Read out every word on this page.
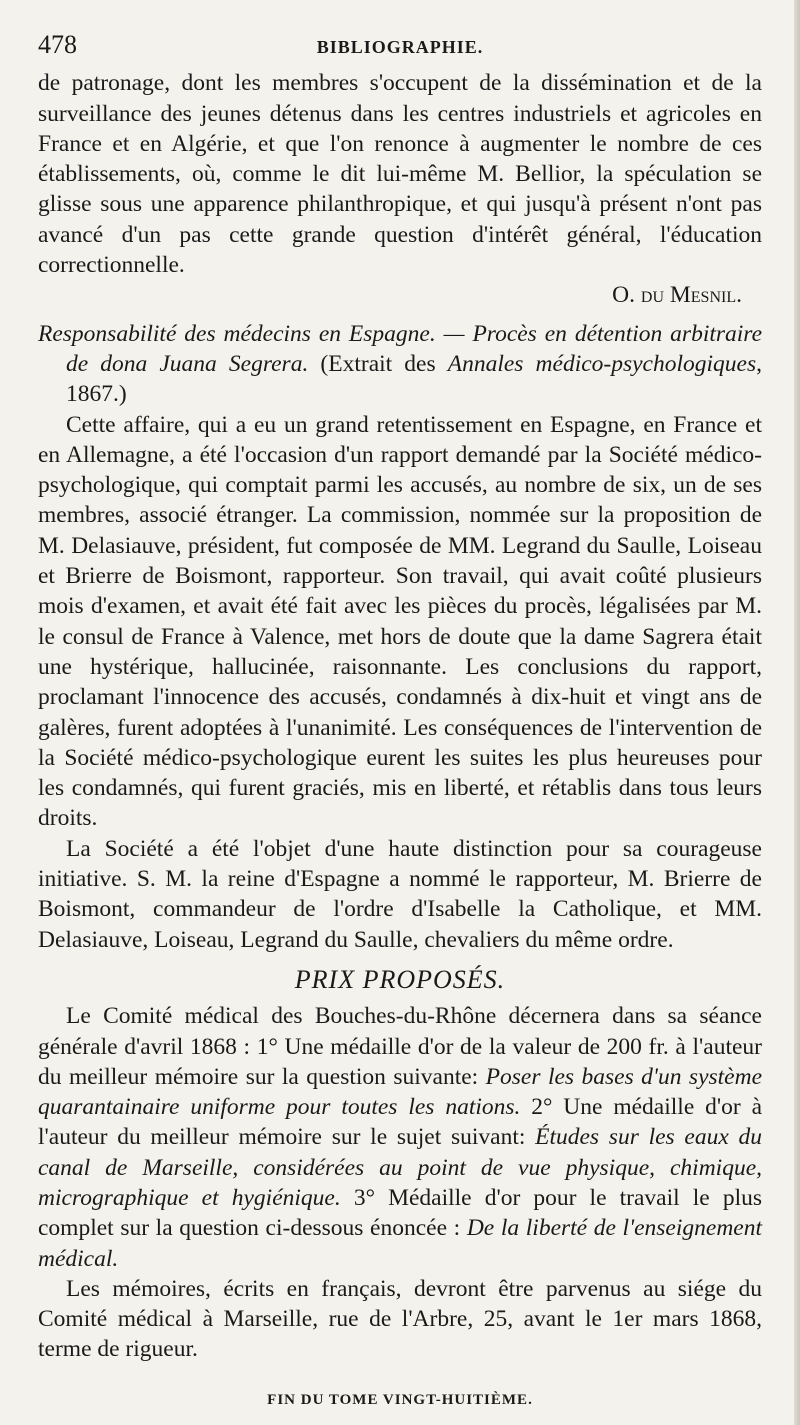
478	BIBLIOGRAPHIE.

de patronage, dont les membres s'occupent de la dissémination et de la surveillance des jeunes détenus dans les centres industriels et agricoles en France et en Algérie, et que l'on renonce à augmenter le nombre de ces établissements, où, comme le dit lui-même M. Bellior, la spéculation se glisse sous une apparence philanthropique, et qui jusqu'à présent n'ont pas avancé d'un pas cette grande question d'intérêt général, l'éducation correctionnelle.

O. du Mesnil.

Responsabilité des médecins en Espagne. — Procès en détention arbitraire de dona Juana Segrera. (Extrait des Annales médico-psychologiques, 1867.)

Cette affaire, qui a eu un grand retentissement en Espagne, en France et en Allemagne, a été l'occasion d'un rapport demandé par la Société médico-psychologique, qui comptait parmi les accusés, au nombre de six, un de ses membres, associé étranger. La commission, nommée sur la proposition de M. Delasiauve, président, fut composée de MM. Legrand du Saulle, Loiseau et Brierre de Boismont, rapporteur. Son travail, qui avait coûté plusieurs mois d'examen, et avait été fait avec les pièces du procès, légalisées par M. le consul de France à Valence, met hors de doute que la dame Sagrera était une hystérique, hallucinée, raisonnante. Les conclusions du rapport, proclamant l'innocence des accusés, condamnés à dix-huit et vingt ans de galères, furent adoptées à l'unanimité. Les conséquences de l'intervention de la Société médico-psychologique eurent les suites les plus heureuses pour les condamnés, qui furent graciés, mis en liberté, et rétablis dans tous leurs droits.

La Société a été l'objet d'une haute distinction pour sa courageuse initiative. S. M. la reine d'Espagne a nommé le rapporteur, M. Brierre de Boismont, commandeur de l'ordre d'Isabelle la Catholique, et MM. Delasiauve, Loiseau, Legrand du Saulle, chevaliers du même ordre.

PRIX PROPOSÉS.

Le Comité médical des Bouches-du-Rhône décernera dans sa séance générale d'avril 1868 : 1° Une médaille d'or de la valeur de 200 fr. à l'auteur du meilleur mémoire sur la question suivante: Poser les bases d'un système quarantainaire uniforme pour toutes les nations. 2° Une médaille d'or à l'auteur du meilleur mémoire sur le sujet suivant: Études sur les eaux du canal de Marseille, considérées au point de vue physique, chimique, micrographique et hygiénique. 3° Médaille d'or pour le travail le plus complet sur la question ci-dessous énoncée : De la liberté de l'enseignement médical.

Les mémoires, écrits en français, devront être parvenus au siége du Comité médical à Marseille, rue de l'Arbre, 25, avant le 1er mars 1868, terme de rigueur.

FIN DU TOME VINGT-HUITIÈME.
